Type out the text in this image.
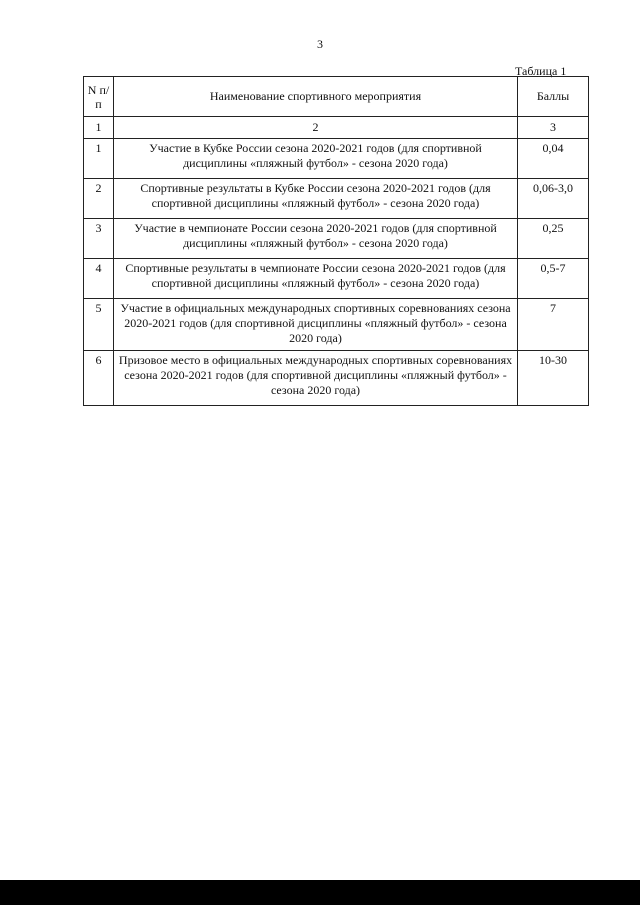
3
Таблица 1
N п/п	Наименование спортивного мероприятия	Баллы
1	2	3
1	Участие в Кубке России сезона 2020-2021 годов (для спортивной дисциплины «пляжный футбол» - сезона 2020 года)	0,04
2	Спортивные результаты в Кубке России сезона 2020-2021 годов (для спортивной дисциплины «пляжный футбол» - сезона 2020 года)	0,06-3,0
3	Участие в чемпионате России сезона 2020-2021 годов (для спортивной дисциплины «пляжный футбол» - сезона 2020 года)	0,25
4	Спортивные результаты в чемпионате России сезона 2020-2021 годов (для спортивной дисциплины «пляжный футбол» - сезона 2020 года)	0,5-7
5	Участие в официальных международных спортивных соревнованиях сезона 2020-2021 годов (для спортивной дисциплины «пляжный футбол» - сезона 2020 года)	7
6	Призовое место в официальных международных спортивных соревнованиях сезона 2020-2021 годов (для спортивной дисциплины «пляжный футбол» - сезона 2020 года)	10-30
